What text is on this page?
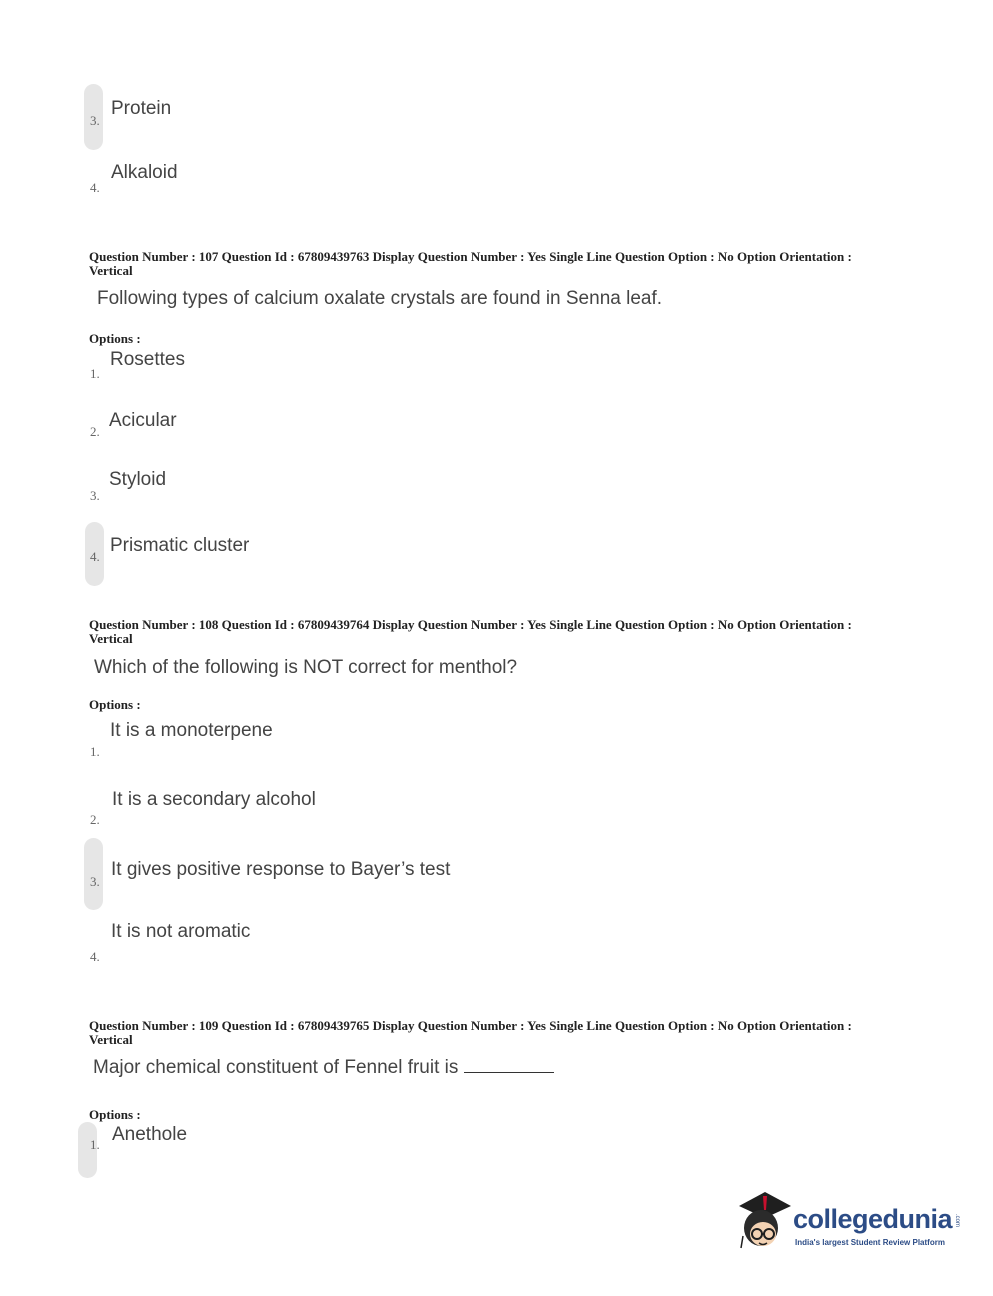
Protein
3.
Alkaloid
4.
Question Number : 107 Question Id : 67809439763 Display Question Number : Yes Single Line Question Option : No Option Orientation : Vertical
Following types of calcium oxalate crystals are found in Senna leaf.
Options :
Rosettes
1.
Acicular
2.
Styloid
3.
Prismatic cluster
4.
Question Number : 108 Question Id : 67809439764 Display Question Number : Yes Single Line Question Option : No Option Orientation : Vertical
Which of the following is NOT correct for menthol?
Options :
It is a monoterpene
1.
It is a secondary alcohol
2.
It gives positive response to Bayer’s test
3.
It is not aromatic
4.
Question Number : 109 Question Id : 67809439765 Display Question Number : Yes Single Line Question Option : No Option Orientation : Vertical
Major chemical constituent of Fennel fruit is
Options :
Anethole
1.
collegedunia .com
India's largest Student Review Platform
